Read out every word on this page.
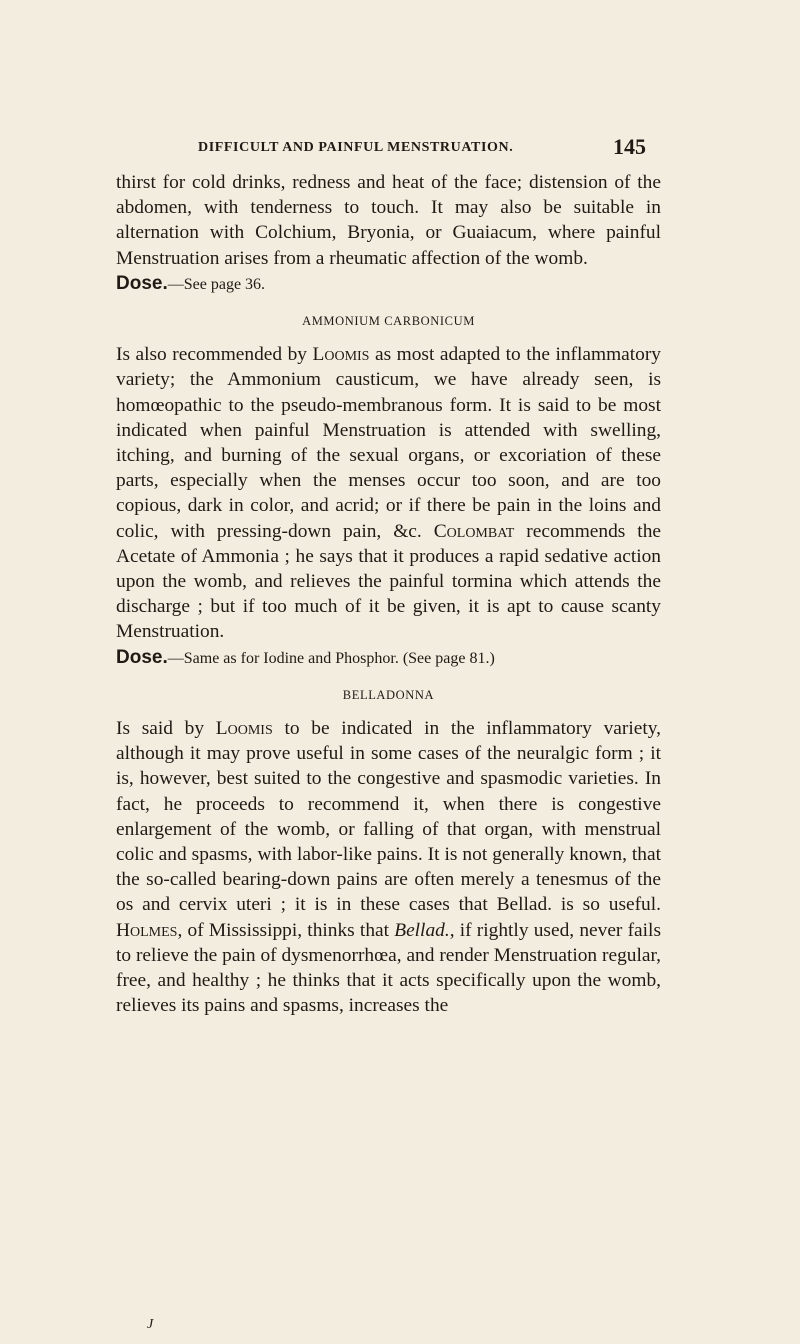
DIFFICULT AND PAINFUL MENSTRUATION.	145

thirst for cold drinks, redness and heat of the face; distension of the abdomen, with tenderness to touch. It may also be suitable in alternation with Colchium, Bryonia, or Guaiacum, where painful Menstruation arises from a rheumatic affection of the womb.

Dose.—See page 36.

AMMONIUM CARBONICUM

Is also recommended by Loomis as most adapted to the inflammatory variety; the Ammonium causticum, we have already seen, is homœopathic to the pseudo-membranous form. It is said to be most indicated when painful Menstruation is attended with swelling, itching, and burning of the sexual organs, or excoriation of these parts, especially when the menses occur too soon, and are too copious, dark in color, and acrid; or if there be pain in the loins and colic, with pressing-down pain, &c. Colombat recommends the Acetate of Ammonia ; he says that it produces a rapid sedative action upon the womb, and relieves the painful tormina which attends the discharge ; but if too much of it be given, it is apt to cause scanty Menstruation.

Dose.—Same as for Iodine and Phosphor. (See page 81.)

BELLADONNA

Is said by Loomis to be indicated in the inflammatory variety, although it may prove useful in some cases of the neuralgic form ; it is, however, best suited to the congestive and spasmodic varieties. In fact, he proceeds to recommend it, when there is congestive enlargement of the womb, or falling of that organ, with menstrual colic and spasms, with labor-like pains. It is not generally known, that the so-called bearing-down pains are often merely a tenesmus of the os and cervix uteri ; it is in these cases that Bellad. is so useful. Holmes, of Mississippi, thinks that Bellad., if rightly used, never fails to relieve the pain of dysmenorrhœa, and render Menstruation regular, free, and healthy ; he thinks that it acts specifically upon the womb, relieves its pains and spasms, increases the

J
